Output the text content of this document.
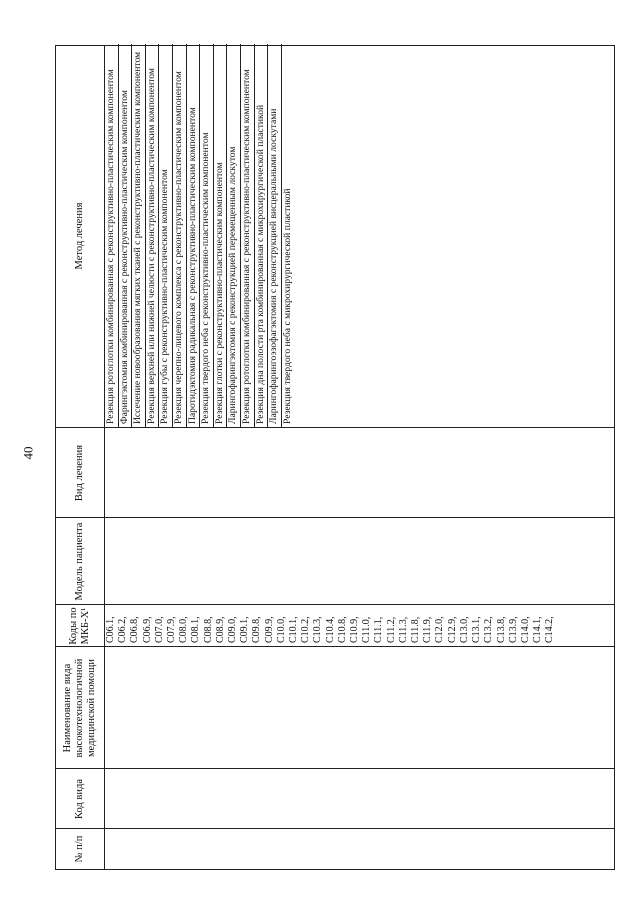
40
№ п/п
Код вида
Наименование вида высокотехнологичной медицинской помощи
Коды по МКБ-X¹
Модель пациента
Вид лечения
Метод лечения
С06.1, С06.2, С06.8, С06.9, С07.0, С07.9, С08.0, С08.1, С08.8, С08.9, С09.0, С09.1, С09.8, С09.9, С10.0, С10.1, С10.2, С10.3, С10.4, С10.8, С10.9, С11.0, С11.1, С11.2, С11.3, С11.8, С11.9, С12.0, С12.9, С13.0, С13.1, С13.2, С13.8, С13.9, С14.0, С14.1, С14.2,
Резекция ротоглотки комбинированная с реконструктивно-пластическим компонентом Фарингэктомия комбинированная с реконструктивно-пластическим компонентом Иссечение новообразования мягких тканей с реконструктивно-пластическим компонентом Резекция верхней или нижней челюсти с реконструктивно-пластическим компонентом Резекция губы с реконструктивно-пластическим компонентом Резекция черепно-лицевого комплекса с реконструктивно-пластическим компонентом Паротидэктомия радикальная с реконструктивно-пластическим компонентом Резекция твердого неба с реконструктивно-пластическим компонентом Резекция глотки с реконструктивно-пластическим компонентом Ларингофарингэктомия с реконструкцией перемещенным лоскутом Резекция ротоглотки комбинированная с реконструктивно-пластическим компонентом Резекция дна полости рта комбинированная с микрохирургической пластикой Ларингофарингоэзофагэктомия с реконструкцией висцеральными лоскутами Резекция твердого неба с микрохирургической пластикой
